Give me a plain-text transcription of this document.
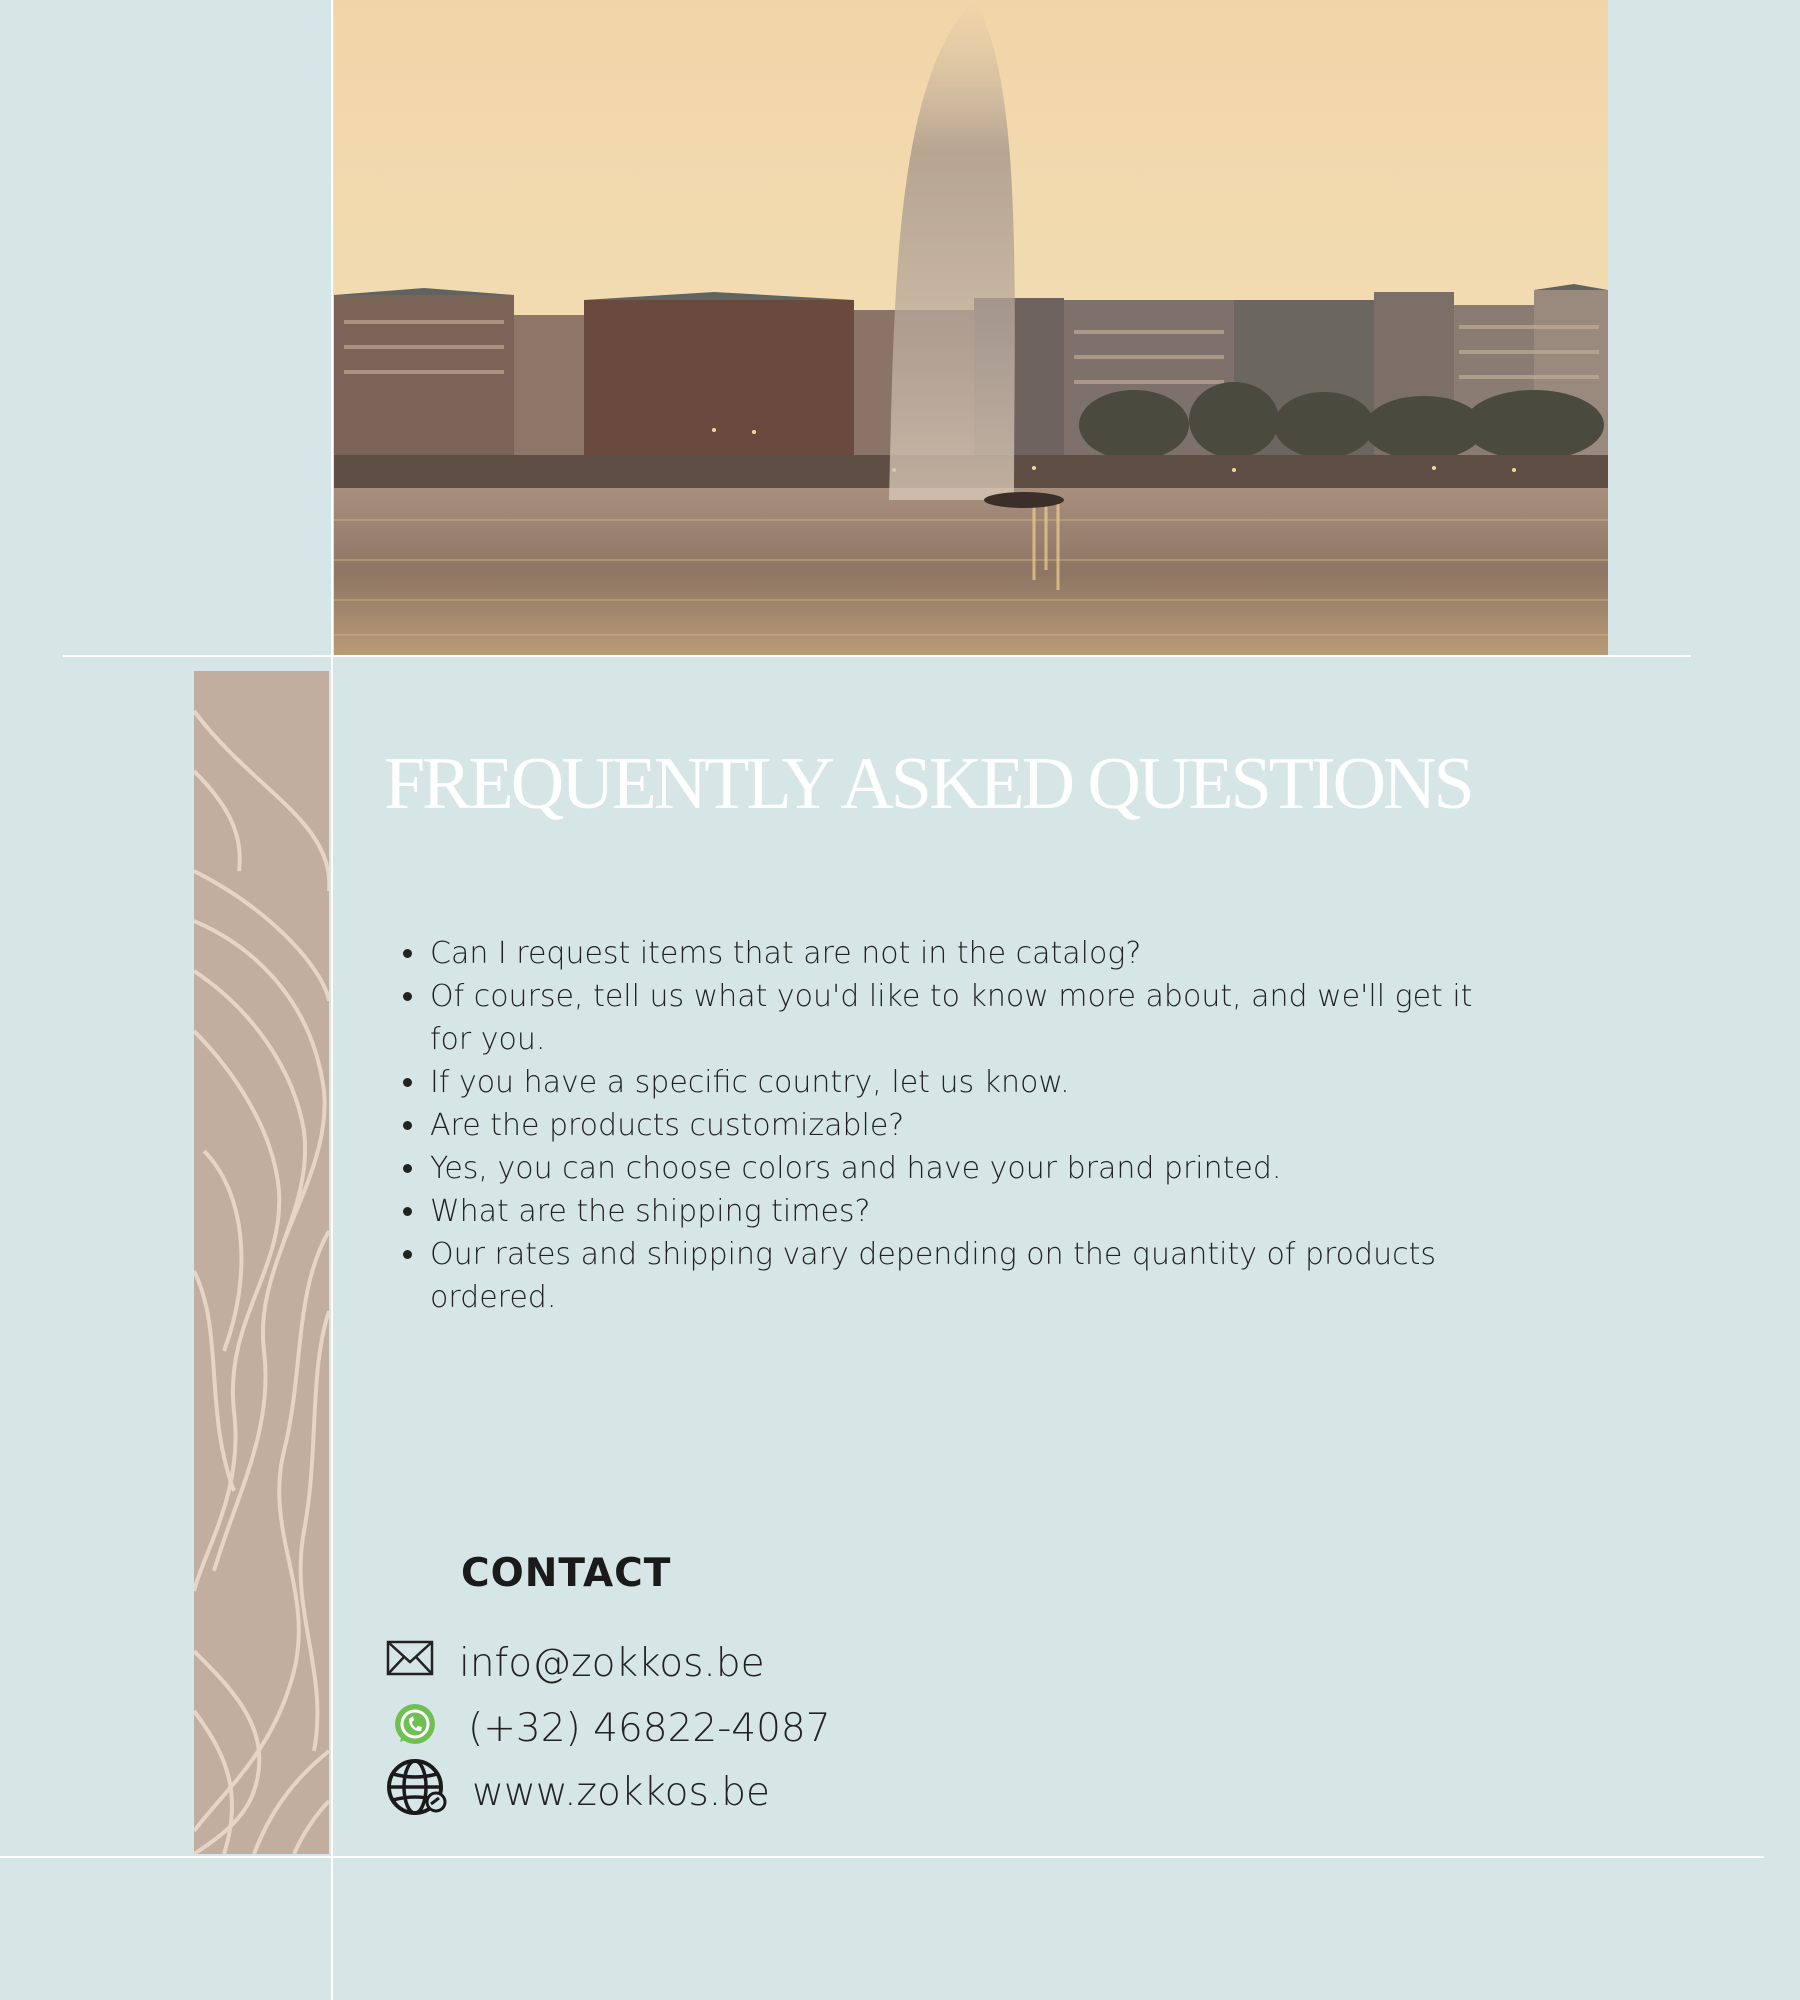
FREQUENTLY ASKED QUESTIONS
• Can I request items that are not in the catalog?
• Of course, tell us what you'd like to know more about, and we'll get it for you.
• If you have a specific country, let us know.
• Are the products customizable?
• Yes, you can choose colors and have your brand printed.
• What are the shipping times?
• Our rates and shipping vary depending on the quantity of products ordered.
CONTACT
info@zokkos.be
(+32) 46822-4087
www.zokkos.be
